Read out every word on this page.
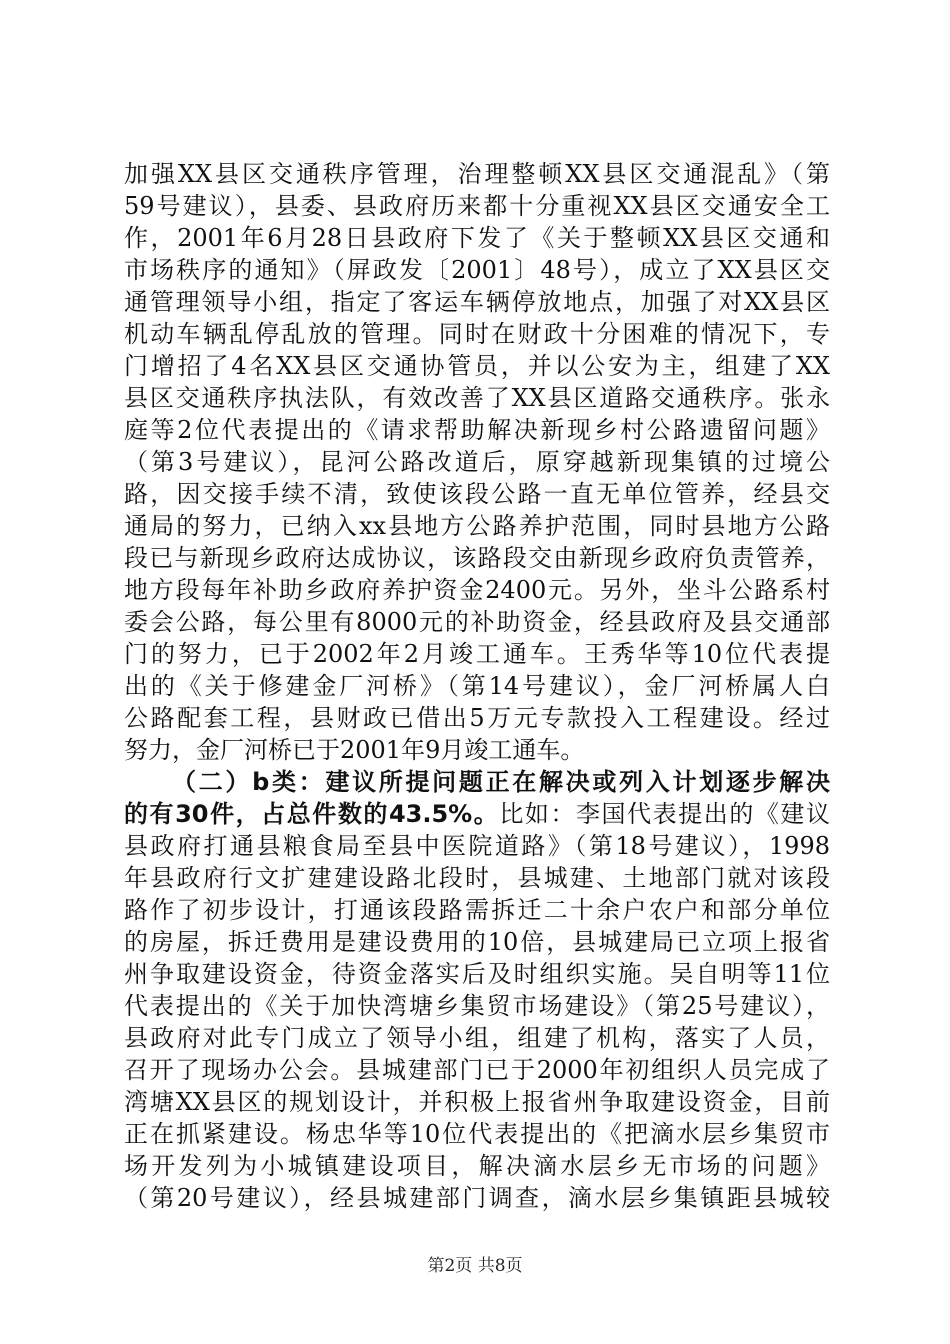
加强XX县区交通秩序管理，治理整顿XX县区交通混乱》（第
59号建议），县委、县政府历来都十分重视XX县区交通安全工
作，2001年6月28日县政府下发了《关于整顿XX县区交通和
市场秩序的通知》（屏政发〔2001〕48号），成立了XX县区交
通管理领导小组，指定了客运车辆停放地点，加强了对XX县区
机动车辆乱停乱放的管理。同时在财政十分困难的情况下，专
门增招了4名XX县区交通协管员，并以公安为主，组建了XX
县区交通秩序执法队，有效改善了XX县区道路交通秩序。张永
庭等2位代表提出的《请求帮助解决新现乡村公路遗留问题》
（第3号建议），昆河公路改道后，原穿越新现集镇的过境公
路，因交接手续不清，致使该段公路一直无单位管养，经县交
通局的努力，已纳入xx县地方公路养护范围，同时县地方公路
段已与新现乡政府达成协议，该路段交由新现乡政府负责管养，
地方段每年补助乡政府养护资金2400元。另外，坐斗公路系村
委会公路，每公里有8000元的补助资金，经县政府及县交通部
门的努力，已于2002年2月竣工通车。王秀华等10位代表提
出的《关于修建金厂河桥》（第14号建议），金厂河桥属人白
公路配套工程，县财政已借出5万元专款投入工程建设。经过
努力，金厂河桥已于2001年9月竣工通车。
（二）b类：建议所提问题正在解决或列入计划逐步解决
的有30件，占总件数的43.5%。比如：李国代表提出的《建议
县政府打通县粮食局至县中医院道路》（第18号建议），1998
年县政府行文扩建建设路北段时，县城建、土地部门就对该段
路作了初步设计，打通该段路需拆迁二十余户农户和部分单位
的房屋，拆迁费用是建设费用的10倍，县城建局已立项上报省
州争取建设资金，待资金落实后及时组织实施。吴自明等11位
代表提出的《关于加快湾塘乡集贸市场建设》（第25号建议），
县政府对此专门成立了领导小组，组建了机构，落实了人员，
召开了现场办公会。县城建部门已于2000年初组织人员完成了
湾塘XX县区的规划设计，并积极上报省州争取建设资金，目前
正在抓紧建设。杨忠华等10位代表提出的《把滴水层乡集贸市
场开发列为小城镇建设项目，解决滴水层乡无市场的问题》
（第20号建议），经县城建部门调查，滴水层乡集镇距县城较
第2页 共8页
